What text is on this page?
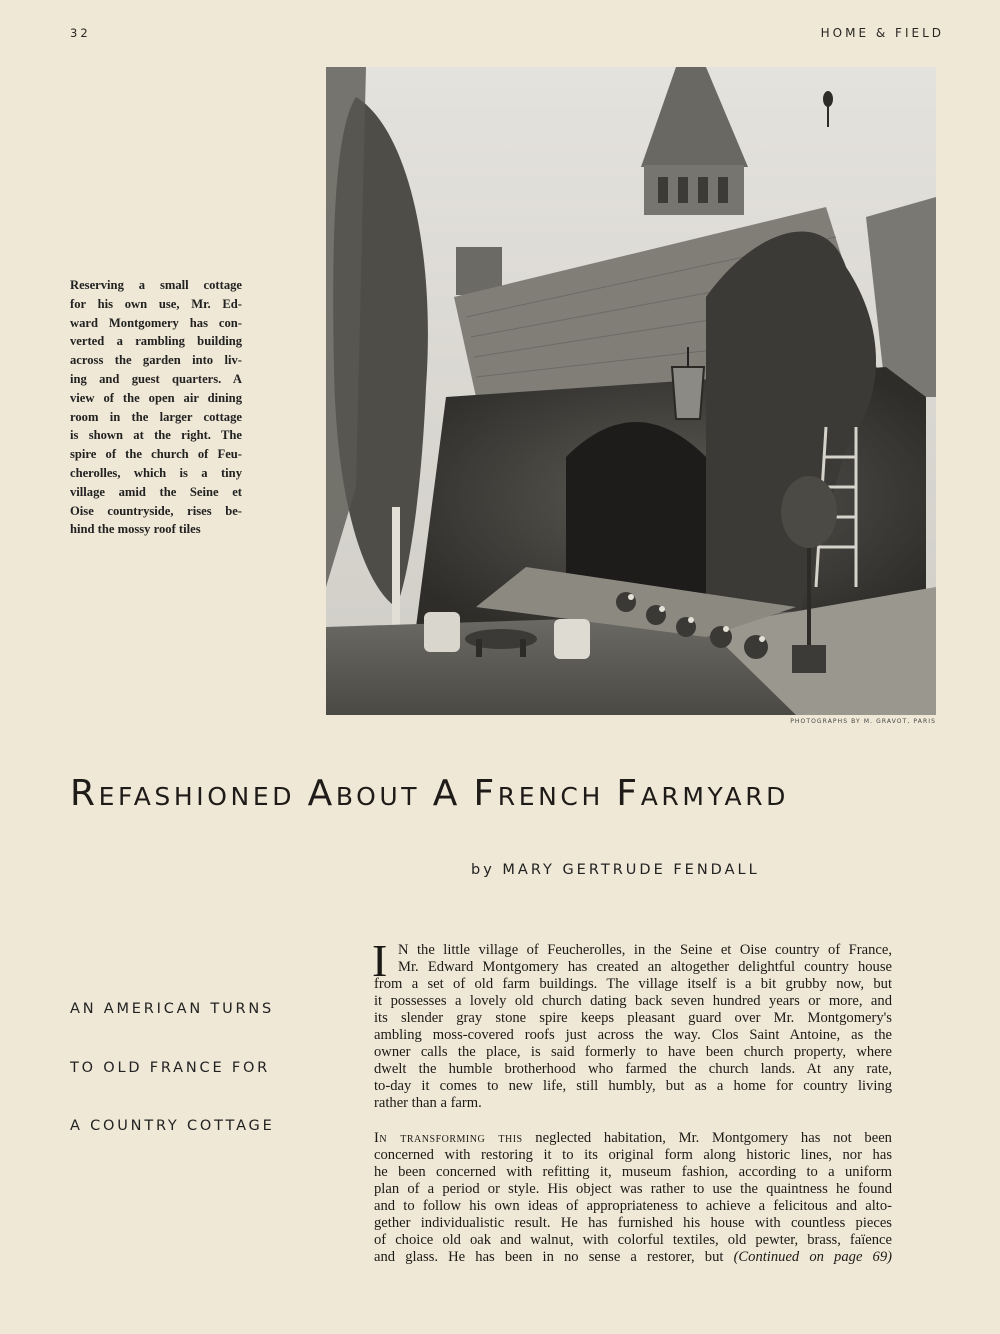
32	HOME & FIELD
Reserving a small cottage
for his own use, Mr. Ed-
ward Montgomery has con-
verted a rambling building
across the garden into liv-
ing and guest quarters. A
view of the open air dining
room in the larger cottage
is shown at the right. The
spire of the church of Feu-
cherolles, which is a tiny
village amid the Seine et
Oise countryside, rises be-
hind the mossy roof tiles
PHOTOGRAPHS BY M. GRAVOT, PARIS
Refashioned About A French Farmyard
by MARY GERTRUDE FENDALL
AN AMERICAN TURNS
TO OLD FRANCE FOR
A COUNTRY COTTAGE
I N the little village of Feucherolles, in the Seine et Oise country of France,
Mr. Edward Montgomery has created an altogether delightful country house
from a set of old farm buildings. The village itself is a bit grubby now, but
it possesses a lovely old church dating back seven hundred years or more, and
its slender gray stone spire keeps pleasant guard over Mr. Montgomery's
ambling moss-covered roofs just across the way. Clos Saint Antoine, as the
owner calls the place, is said formerly to have been church property, where
dwelt the humble brotherhood who farmed the church lands. At any rate,
to-day it comes to new life, still humbly, but as a home for country living
rather than a farm.
In transforming this neglected habitation, Mr. Montgomery has not been
concerned with restoring it to its original form along historic lines, nor has
he been concerned with refitting it, museum fashion, according to a uniform
plan of a period or style. His object was rather to use the quaintness he found
and to follow his own ideas of appropriateness to achieve a felicitous and alto-
gether individualistic result. He has furnished his house with countless pieces
of choice old oak and walnut, with colorful textiles, old pewter, brass, faïence
and glass. He has been in no sense a restorer, but (Continued on page 69)
